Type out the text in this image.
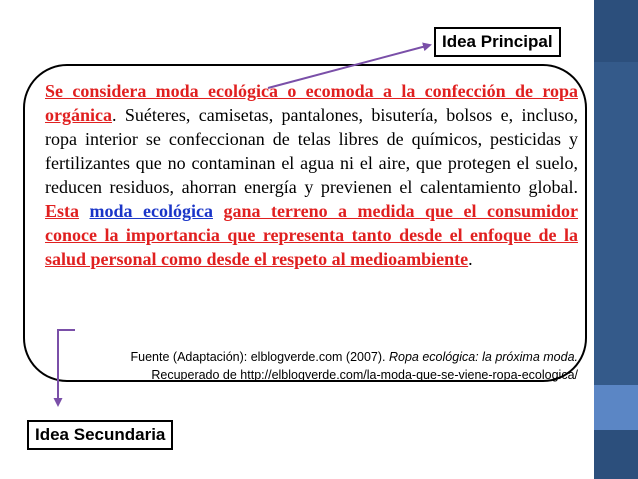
Se considera moda ecológica o ecomoda a la confección de ropa orgánica. Suéteres, camisetas, pantalones, bisutería, bolsos e, incluso, ropa interior se confeccionan de telas libres de químicos, pesticidas y fertilizantes que no contaminan el agua ni el aire, que protegen el suelo, reducen residuos, ahorran energía y previenen el calentamiento global. Esta moda ecológica gana terreno a medida que el consumidor conoce la importancia que representa tanto desde el enfoque de la salud personal como desde el respeto al medioambiente.

Fuente (Adaptación): elblogverde.com (2007). Ropa ecológica: la próxima moda.
Recuperado de http://elblogverde.com/la-moda-que-se-viene-ropa-ecologica/
Idea Principal
Idea Secundaria
